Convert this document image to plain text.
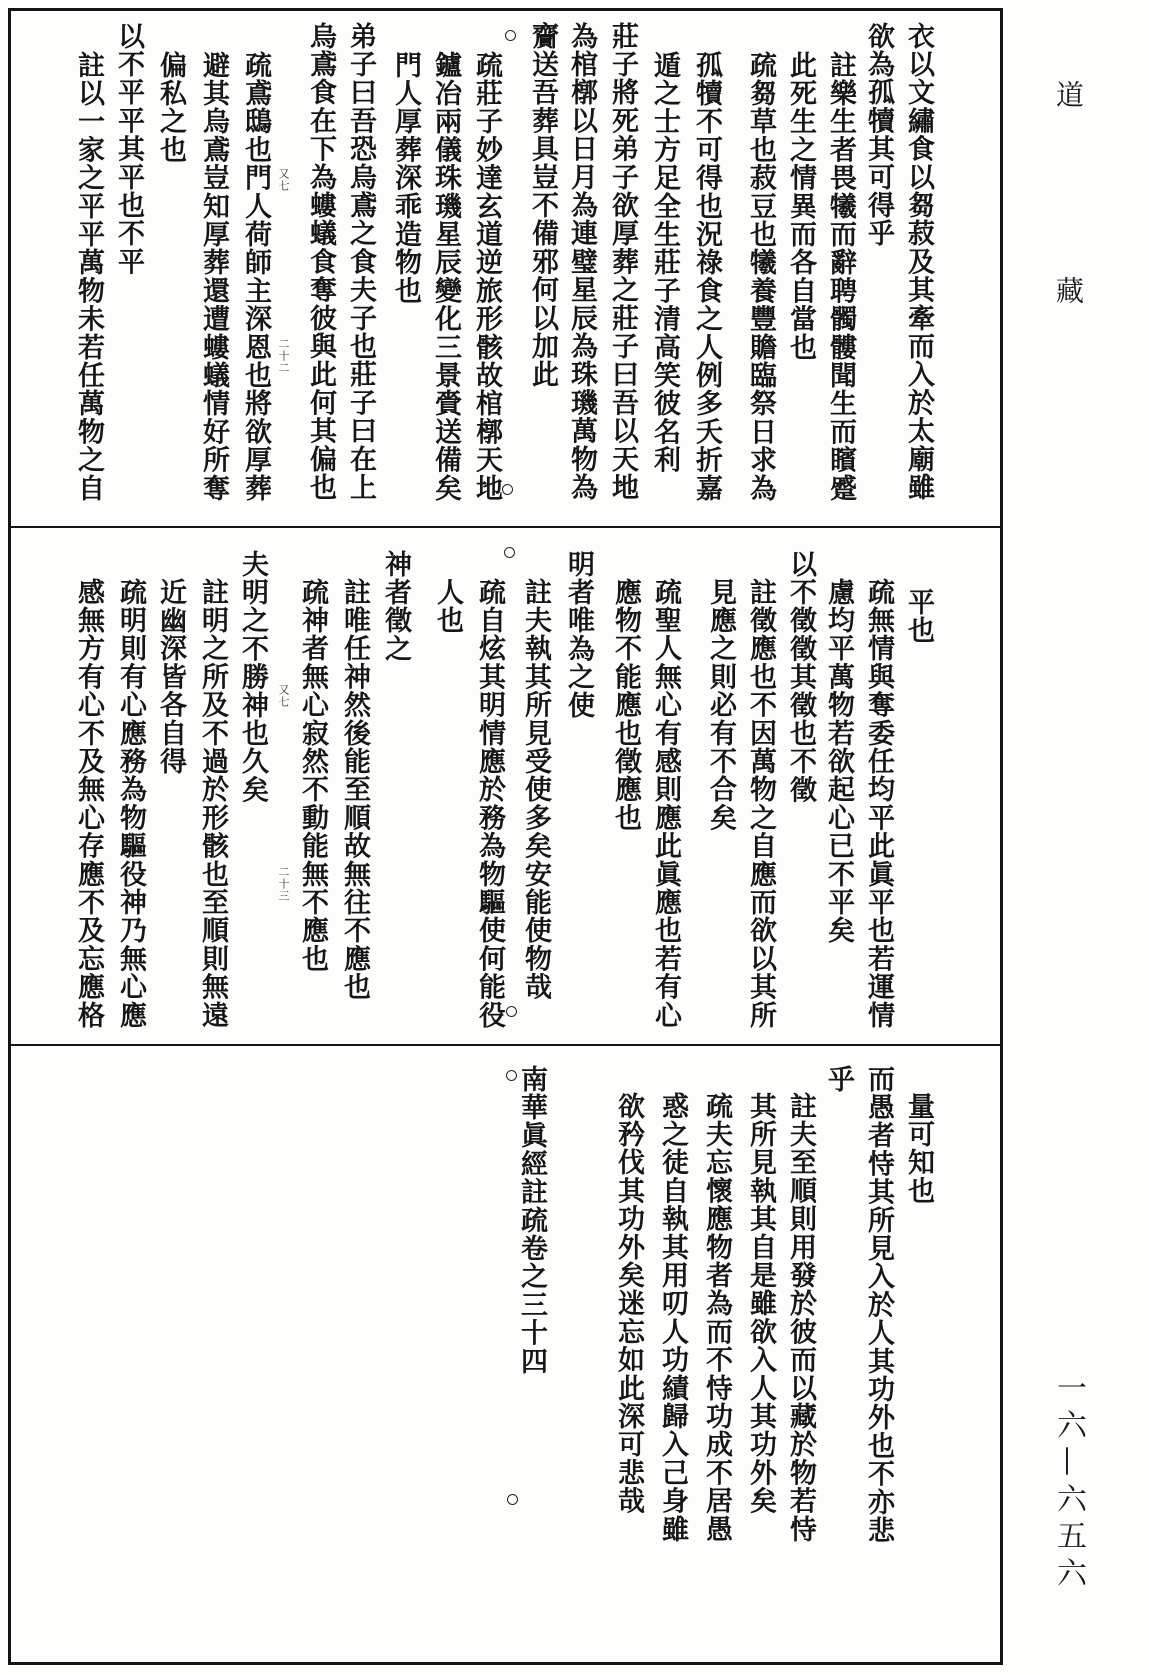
道
藏
一六—六五六
衣以文繡食以芻菽及其牽而入於太廟雖
欲為孤犢其可得乎
註樂生者畏犧而辭聘髑髏聞生而矉蹙
此死生之情異而各自當也
疏芻草也菽豆也犧養豐贍臨祭日求為
孤犢不可得也況祿食之人例多夭折嘉
遁之士方足全生莊子清高笑彼名利
莊子將死弟子欲厚葬之莊子曰吾以天地
為棺槨以日月為連璧星辰為珠璣萬物為
齎送吾葬具豈不備邪何以加此
疏莊子妙達玄道逆旅形骸故棺槨天地
鑪冶兩儀珠璣星辰變化三景賫送備矣
門人厚葬深乖造物也
弟子曰吾恐烏鳶之食夫子也莊子曰在上
烏鳶食在下為螻蟻食奪彼與此何其偏也
疏鳶鴟也門人荷師主深恩也將欲厚葬
避其烏鳶豈知厚葬還遭螻蟻情好所奪
偏私之也
以不平平其平也不平
註以一家之平平萬物未若任萬物之自	又七
二十二
平也
疏無情與奪委任均平此眞平也若運情
慮均平萬物若欲起心已不平矣
以不徵徵其徵也不徵
註徵應也不因萬物之自應而欲以其所
見應之則必有不合矣
疏聖人無心有感則應此眞應也若有心
應物不能應也徵應也
明者唯為之使
註夫執其所見受使多矣安能使物哉
疏自炫其明情應於務為物驅使何能役
人也
神者徵之
註唯任神然後能至順故無往不應也
疏神者無心寂然不動能無不應也
夫明之不勝神也久矣
註明之所及不過於形骸也至順則無遠
近幽深皆各自得
疏明則有心應務為物驅役神乃無心應
感無方有心不及無心存應不及忘應格	又七
二十三
量可知也
而愚者恃其所見入於人其功外也不亦悲
乎
註夫至順則用發於彼而以藏於物若恃
其所見執其自是雖欲入人其功外矣
疏夫忘懷應物者為而不恃功成不居愚
惑之徒自執其用叨人功績歸入己身雖
欲矜伐其功外矣迷忘如此深可悲哉
南華眞經註疏卷之三十四
